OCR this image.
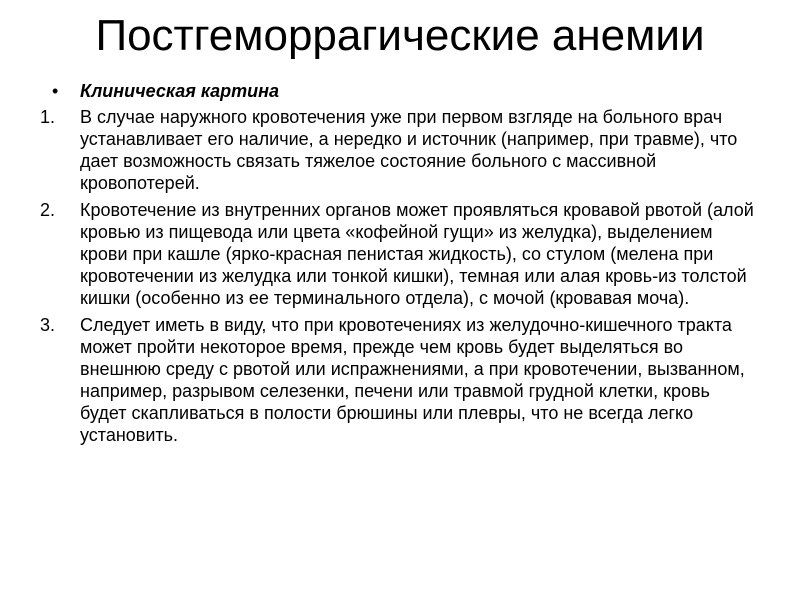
Постгеморрагические анемии
• Клиническая картина
1. В случае наружного кровотечения уже при первом взгляде на больного врач устанавливает его наличие, а нередко и источник (например, при травме), что дает возможность связать тяжелое состояние больного с массивной кровопотерей.
2. Кровотечение из внутренних органов может проявляться кровавой рвотой (алой кровью из пищевода или цвета «кофейной гущи» из желудка), выделением крови при кашле (ярко-красная пенистая жидкость), со стулом (мелена при кровотечении из желудка или тонкой кишки), темная или алая кровь-из толстой кишки (особенно из ее терминального отдела), с мочой (кровавая моча).
3. Следует иметь в виду, что при кровотечениях из желудочно-кишечного тракта может пройти некоторое время, прежде чем кровь будет выделяться во внешнюю среду с рвотой или испражнениями, а при кровотечении, вызванном, например, разрывом селезенки, печени или травмой грудной клетки, кровь будет скапливаться в полости брюшины или плевры, что не всегда легко установить.
